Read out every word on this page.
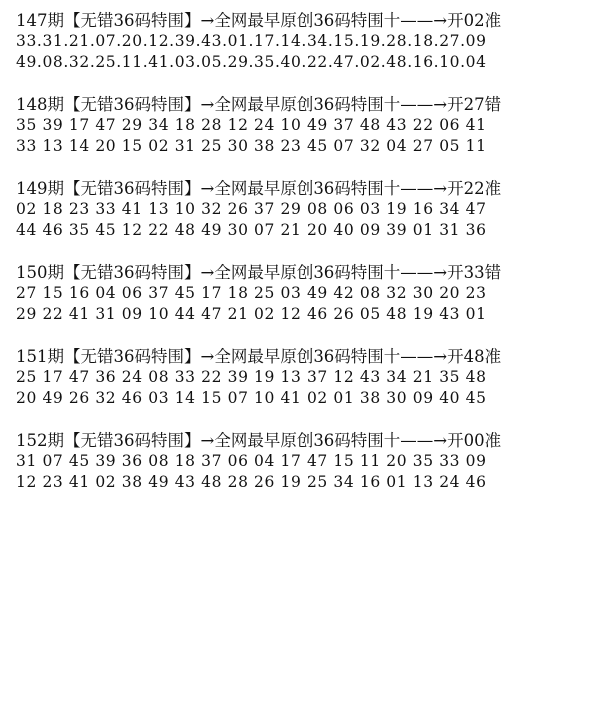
147期【无错36码特围】→全网最早原创36码特围十——→开02准
33.31.21.07.20.12.39.43.01.17.14.34.15.19.28.18.27.09
49.08.32.25.11.41.03.05.29.35.40.22.47.02.48.16.10.04
148期【无错36码特围】→全网最早原创36码特围十——→开27错
35 39 17 47 29 34 18 28 12 24 10 49 37 48 43 22 06 41
33 13 14 20 15 02 31 25 30 38 23 45 07 32 04 27 05 11
149期【无错36码特围】→全网最早原创36码特围十——→开22准
02 18 23 33 41 13 10 32 26 37 29 08 06 03 19 16 34 47
44 46 35 45 12 22 48 49 30 07 21 20 40 09 39 01 31 36
150期【无错36码特围】→全网最早原创36码特围十——→开33错
27 15 16 04 06 37 45 17 18 25 03 49 42 08 32 30 20 23
29 22 41 31 09 10 44 47 21 02 12 46 26 05 48 19 43 01
151期【无错36码特围】→全网最早原创36码特围十——→开48准
25 17 47 36 24 08 33 22 39 19 13 37 12 43 34 21 35 48
20 49 26 32 46 03 14 15 07 10 41 02 01 38 30 09 40 45
152期【无错36码特围】→全网最早原创36码特围十——→开00准
31 07 45 39 36 08 18 37 06 04 17 47 15 11 20 35 33 09
12 23 41 02 38 49 43 48 28 26 19 25 34 16 01 13 24 46
